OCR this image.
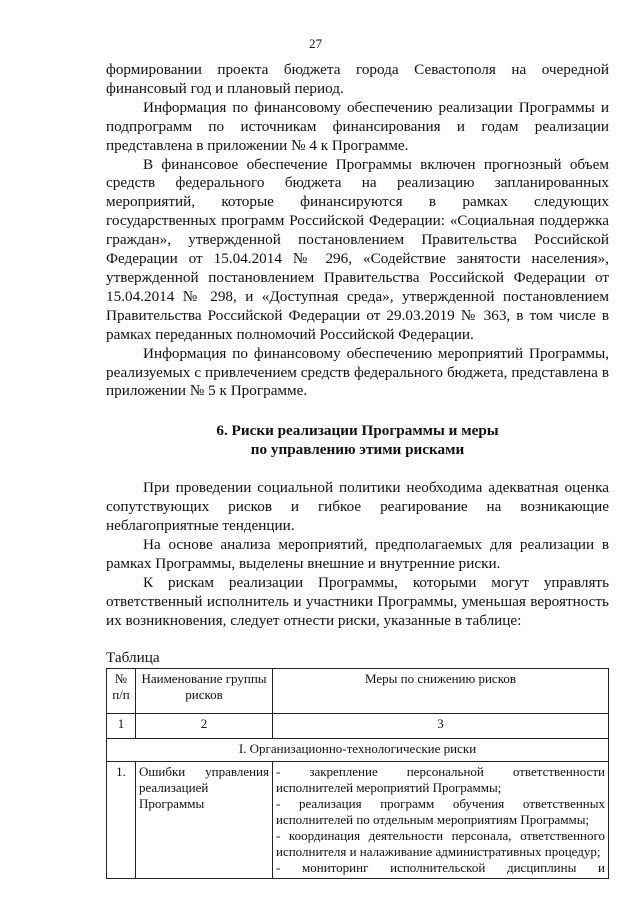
27

формировании проекта бюджета города Севастополя на очередной финансовый год и плановый период.

Информация по финансовому обеспечению реализации Программы и подпрограмм по источникам финансирования и годам реализации представлена в приложении № 4 к Программе.

В финансовое обеспечение Программы включен прогнозный объем средств федерального бюджета на реализацию запланированных мероприятий, которые финансируются в рамках следующих государственных программ Российской Федерации: «Социальная поддержка граждан», утвержденной постановлением Правительства Российской Федерации от 15.04.2014 № 296, «Содействие занятости населения», утвержденной постановлением Правительства Российской Федерации от 15.04.2014 № 298, и «Доступная среда», утвержденной постановлением Правительства Российской Федерации от 29.03.2019 № 363, в том числе в рамках переданных полномочий Российской Федерации.

Информация по финансовому обеспечению мероприятий Программы, реализуемых с привлечением средств федерального бюджета, представлена в приложении № 5 к Программе.

6. Риски реализации Программы и меры
по управлению этими рисками

При проведении социальной политики необходима адекватная оценка сопутствующих рисков и гибкое реагирование на возникающие неблагоприятные тенденции.

На основе анализа мероприятий, предполагаемых для реализации в рамках Программы, выделены внешние и внутренние риски.

К рискам реализации Программы, которыми могут управлять ответственный исполнитель и участники Программы, уменьшая вероятность их возникновения, следует отнести риски, указанные в таблице:

Таблица
№ п/п	Наименование группы рисков	Меры по снижению рисков
1	2	3
I. Организационно-технологические риски		
1.	Ошибки управления реализацией Программы	- закрепление персональной ответственности исполнителей мероприятий Программы;
- реализация программ обучения ответственных исполнителей по отдельным мероприятиям Программы;
- координация деятельности персонала, ответственного исполнителя и налаживание административных процедур;
- мониторинг исполнительской дисциплины и
